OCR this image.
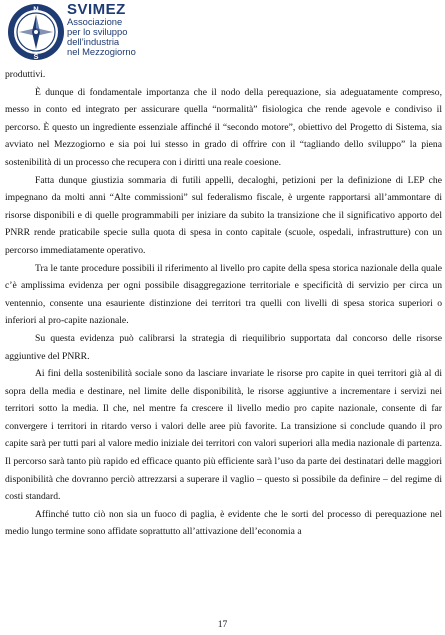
N
S
SVIMEZ
Associazione
per lo sviluppo
dell’industria
nel Mezzogiorno

produttivi.

È dunque di fondamentale importanza che il nodo della perequazione, sia adeguatamente compreso, messo in conto ed integrato per assicurare quella “normalità” fisiologica che rende agevole e condiviso il percorso. È questo un ingrediente essenziale affinché il “secondo motore”, obiettivo del Progetto di Sistema, sia avviato nel Mezzogiorno e sia poi lui stesso in grado di offrire con il “tagliando dello sviluppo” la piena sostenibilità di un processo che recupera con i diritti una reale coesione.

Fatta dunque giustizia sommaria di futili appelli, decaloghi, petizioni per la definizione di LEP che impegnano da molti anni “Alte commissioni” sul federalismo fiscale, è urgente rapportarsi all’ammontare di risorse disponibili e di quelle programmabili per iniziare da subito la transizione che il significativo apporto del PNRR rende praticabile specie sulla quota di spesa in conto capitale (scuole, ospedali, infrastrutture) con un percorso immediatamente operativo.

Tra le tante procedure possibili il riferimento al livello pro capite della spesa storica nazionale della quale c’è amplissima evidenza per ogni possibile disaggregazione territoriale e specificità di servizio per circa un ventennio, consente una esauriente distinzione dei territori tra quelli con livelli di spesa storica superiori o inferiori al pro-capite nazionale.

Su questa evidenza può calibrarsi la strategia di riequilibrio supportata dal concorso delle risorse aggiuntive del PNRR.

Ai fini della sostenibilità sociale sono da lasciare invariate le risorse pro capite in quei territori già al di sopra della media e destinare, nel limite delle disponibilità, le risorse aggiuntive a incrementare i servizi nei territori sotto la media. Il che, nel mentre fa crescere il livello medio pro capite nazionale, consente di far convergere i territori in ritardo verso i valori delle aree più favorite. La transizione si conclude quando il pro capite sarà per tutti pari al valore medio iniziale dei territori con valori superiori alla media nazionale di partenza. Il percorso sarà tanto più rapido ed efficace quanto più efficiente sarà l’uso da parte dei destinatari delle maggiori disponibilità che dovranno perciò attrezzarsi a superare il vaglio – questo sì possibile da definire – del regime di costi standard.

Affinché tutto ciò non sia un fuoco di paglia, è evidente che le sorti del processo di perequazione nel medio lungo termine sono affidate soprattutto all’attivazione dell’economia a

17
